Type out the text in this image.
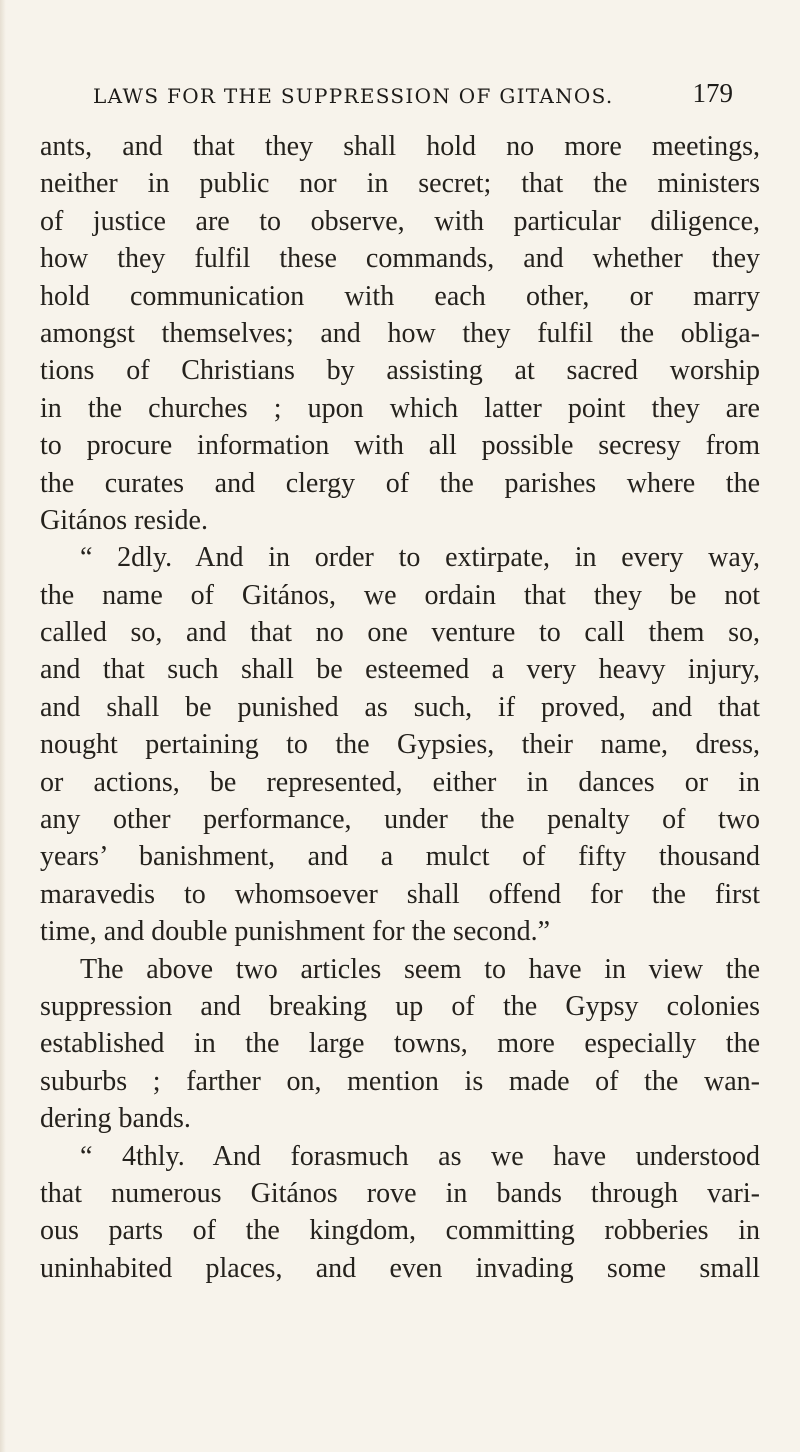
LAWS FOR THE SUPPRESSION OF GITANOS.	179
ants, and that they shall hold no more meetings,
neither in public nor in secret; that the ministers
of justice are to observe, with particular diligence,
how they fulfil these commands, and whether they
hold communication with each other, or marry
amongst themselves; and how they fulfil the obliga-
tions of Christians by assisting at sacred worship
in the churches ; upon which latter point they are
to procure information with all possible secresy from
the curates and clergy of the parishes where the
Gitános reside.
“ 2dly. And in order to extirpate, in every way,
the name of Gitános, we ordain that they be not
called so, and that no one venture to call them so,
and that such shall be esteemed a very heavy injury,
and shall be punished as such, if proved, and that
nought pertaining to the Gypsies, their name, dress,
or actions, be represented, either in dances or in
any other performance, under the penalty of two
years’ banishment, and a mulct of fifty thousand
maravedis to whomsoever shall offend for the first
time, and double punishment for the second.”
The above two articles seem to have in view the
suppression and breaking up of the Gypsy colonies
established in the large towns, more especially the
suburbs ; farther on, mention is made of the wan-
dering bands.
“ 4thly. And forasmuch as we have understood
that numerous Gitános rove in bands through vari-
ous parts of the kingdom, committing robberies in
uninhabited places, and even invading some small
